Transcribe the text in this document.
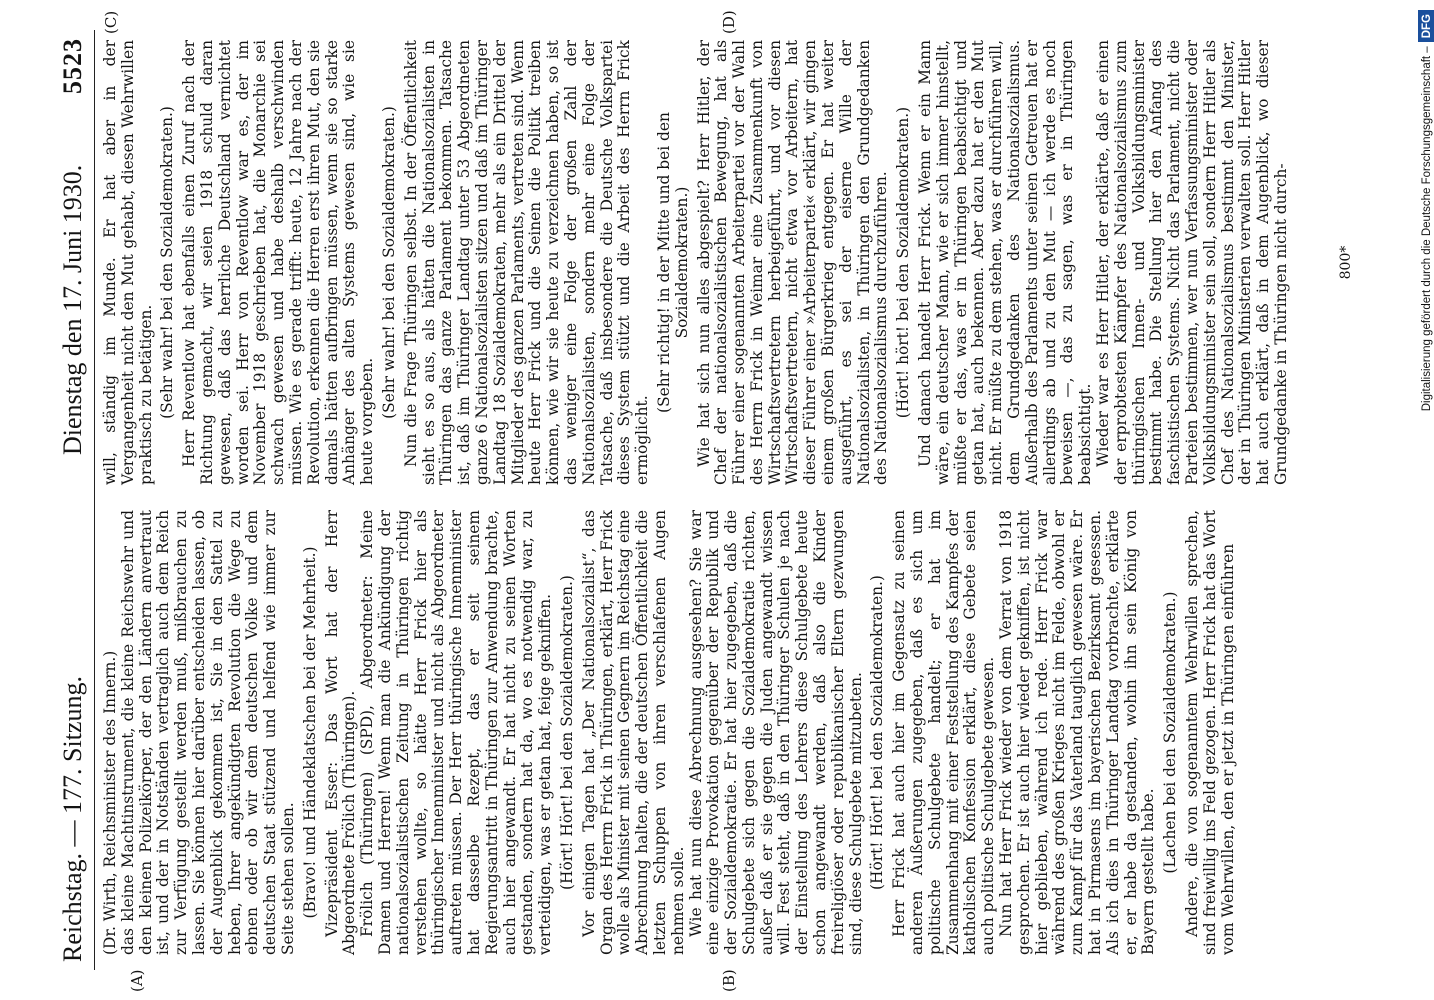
Reichstag. — 177. Sitzung.
Dienstag den 17. Juni 1930.
5523
(A)	(B)
(C)	(D)

(Dr. Wirth, Reichsminister des Innern.) das kleine Machtinstrument, die kleine Reichswehr und den kleinen Polizeikörper, der den Ländern anvertraut ist, und der in Notständen vertraglich auch dem Reich zur Verfügung gestellt werden muß, mißbrauchen zu lassen. Sie können hier darüber entscheiden lassen, ob der Augenblick gekommen ist, Sie in den Sattel zu heben, Ihrer angekündigten Revolution die Wege zu ebnen oder ob wir dem deutschen Volke und dem deutschen Staat stützend und helfend wie immer zur Seite stehen sollen. (Bravo! und Händeklatschen bei der Mehrheit.) Vizepräsident Esser: Das Wort hat der Herr Abgeordnete Frölich (Thüringen). Frölich (Thüringen) (SPD), Abgeordneter: Meine Damen und Herren! Wenn man die Ankündigung der nationalsozialistischen Zeitung in Thüringen richtig verstehen wollte, so hätte Herr Frick hier als thüringischer Innenminister und nicht als Abgeordneter auftreten müssen. Der Herr thüringische Innenminister hat dasselbe Rezept, das er seit seinem Regierungsantritt in Thüringen zur Anwendung brachte, auch hier angewandt. Er hat nicht zu seinen Worten gestanden, sondern hat da, wo es notwendig war, zu verteidigen, was er getan hat, feige gekniffen. (Hört! Hört! bei den Sozialdemokraten.) Vor einigen Tagen hat „Der Nationalsozialist“, das Organ des Herrn Frick in Thüringen, erklärt, Herr Frick wolle als Minister mit seinen Gegnern im Reichstag eine Abrechnung halten, die der deutschen Öffentlichkeit die letzten Schuppen von ihren verschlafenen Augen nehmen solle. Wie hat nun diese Abrechnung ausgesehen? Sie war eine einzige Provokation gegenüber der Republik und der Sozialdemokratie. Er hat hier zugegeben, daß die Schulgebete sich gegen die Sozialdemokratie richten, außer daß er sie gegen die Juden angewandt wissen will. Fest steht, daß in den Thüringer Schulen je nach der Einstellung des Lehrers diese Schulgebete heute schon angewandt werden, daß also die Kinder freireligiöser oder republikanischer Eltern gezwungen sind, diese Schulgebete mitzubeten. (Hört! Hört! bei den Sozialdemokraten.) Herr Frick hat auch hier im Gegensatz zu seinen anderen Äußerungen zugegeben, daß es sich um politische Schulgebete handelt; er hat im Zusammenhang mit einer Feststellung des Kampfes der katholischen Konfession erklärt, diese Gebete seien auch politische Schulgebete gewesen. Nun hat Herr Frick wieder von dem Verrat von 1918 gesprochen. Er ist auch hier wieder gekniffen, ist nicht hier geblieben, während ich rede. Herr Frick war während des großen Krieges nicht im Felde, obwohl er zum Kampf für das Vaterland tauglich gewesen wäre. Er hat in Pirmasens im bayerischen Bezirksamt gesessen. Als ich dies in Thüringer Landtag vorbrachte, erklärte er, er habe da gestanden, wohin ihn sein König von Bayern gestellt habe. (Lachen bei den Sozialdemokraten.) Andere, die von sogenanntem Wehrwillen sprechen, sind freiwillig ins Feld gezogen. Herr Frick hat das Wort vom Wehrwillen, den er jetzt in Thüringen einführen

will, ständig im Munde. Er hat aber in der Vergangenheit nicht den Mut gehabt, diesen Wehrwillen praktisch zu betätigen. (Sehr wahr! bei den Sozialdemokraten.) Herr Reventlow hat ebenfalls einen Zuruf nach der Richtung gemacht, wir seien 1918 schuld daran gewesen, daß das herrliche Deutschland vernichtet worden sei. Herr von Reventlow war es, der im November 1918 geschrieben hat, die Monarchie sei schwach gewesen und habe deshalb verschwinden müssen. Wie es gerade trifft: heute, 12 Jahre nach der Revolution, erkennen die Herren erst ihren Mut, den sie damals hätten aufbringen müssen, wenn sie so starke Anhänger des alten Systems gewesen sind, wie sie heute vorgeben.

(Sehr wahr! bei den Sozialdemokraten.) Nun die Frage Thüringen selbst. In der Öffentlichkeit sieht es so aus, als hätten die Nationalsozialisten in Thüringen das ganze Parlament bekommen. Tatsache ist, daß im Thüringer Landtag unter 53 Abgeordneten ganze 6 Nationalsozialisten sitzen und daß im Thüringer Landtag 18 Sozialdemokraten, mehr als ein Drittel der Mitglieder des ganzen Parlaments, vertreten sind. Wenn heute Herr Frick und die Seinen die Politik treiben können, wie wir sie heute zu verzeichnen haben, so ist das weniger eine Folge der großen Zahl der Nationalsozialisten, sondern mehr eine Folge der Tatsache, daß insbesondere die Deutsche Volkspartei dieses System stützt und die Arbeit des Herrn Frick ermöglicht.

(Sehr richtig! in der Mitte und bei den Sozialdemokraten.) Wie hat sich nun alles abgespielt? Herr Hitler, der Chef der nationalsozialistischen Bewegung, hat als Führer einer sogenannten Arbeiterpartei vor der Wahl des Herrn Frick in Weimar eine Zusammenkunft von Wirtschaftsvertretern herbeigeführt, und vor diesen Wirtschaftsvertretern, nicht etwa vor Arbeitern, hat dieser Führer einer »Arbeiterpartei« erklärt, wir gingen einem großen Bürgerkrieg entgegen. Er hat weiter ausgeführt, es sei der eiserne Wille der Nationalsozialisten, in Thüringen den Grundgedanken des Nationalsozialismus durchzuführen. (Hört! hört! bei den Sozialdemokraten.) Und danach handelt Herr Frick. Wenn er ein Mann wäre, ein deutscher Mann, wie er sich immer hinstellt, müßte er das, was er in Thüringen beabsichtigt und getan hat, auch bekennen. Aber dazu hat er den Mut nicht. Er müßte zu dem stehen, was er durchführen will, dem Grundgedanken des Nationalsozialismus. Außerhalb des Parlaments unter seinen Getreuen hat er allerdings ab und zu den Mut — ich werde es noch beweisen —, das zu sagen, was er in Thüringen beabsichtigt. Wieder war es Herr Hitler, der erklärte, daß er einen der erprobtesten Kämpfer des Nationalsozialismus zum thüringischen Innen- und Volksbildungsminister bestimmt habe. Die Stellung hier den Anfang des faschistischen Systems. Nicht das Parlament, nicht die Parteien bestimmen, wer nun Verfassungsminister oder Volksbildungsminister sein soll, sondern Herr Hitler als Chef des Nationalsozialismus bestimmt den Minister, der in Thüringen Ministerien verwalten soll. Herr Hitler hat auch erklärt, daß in dem Augenblick, wo dieser Grundgedanke in Thüringen nicht durch-	800*	Digitalisierung gefördert durch die Deutsche Forschungsgemeinschaft –DFG
